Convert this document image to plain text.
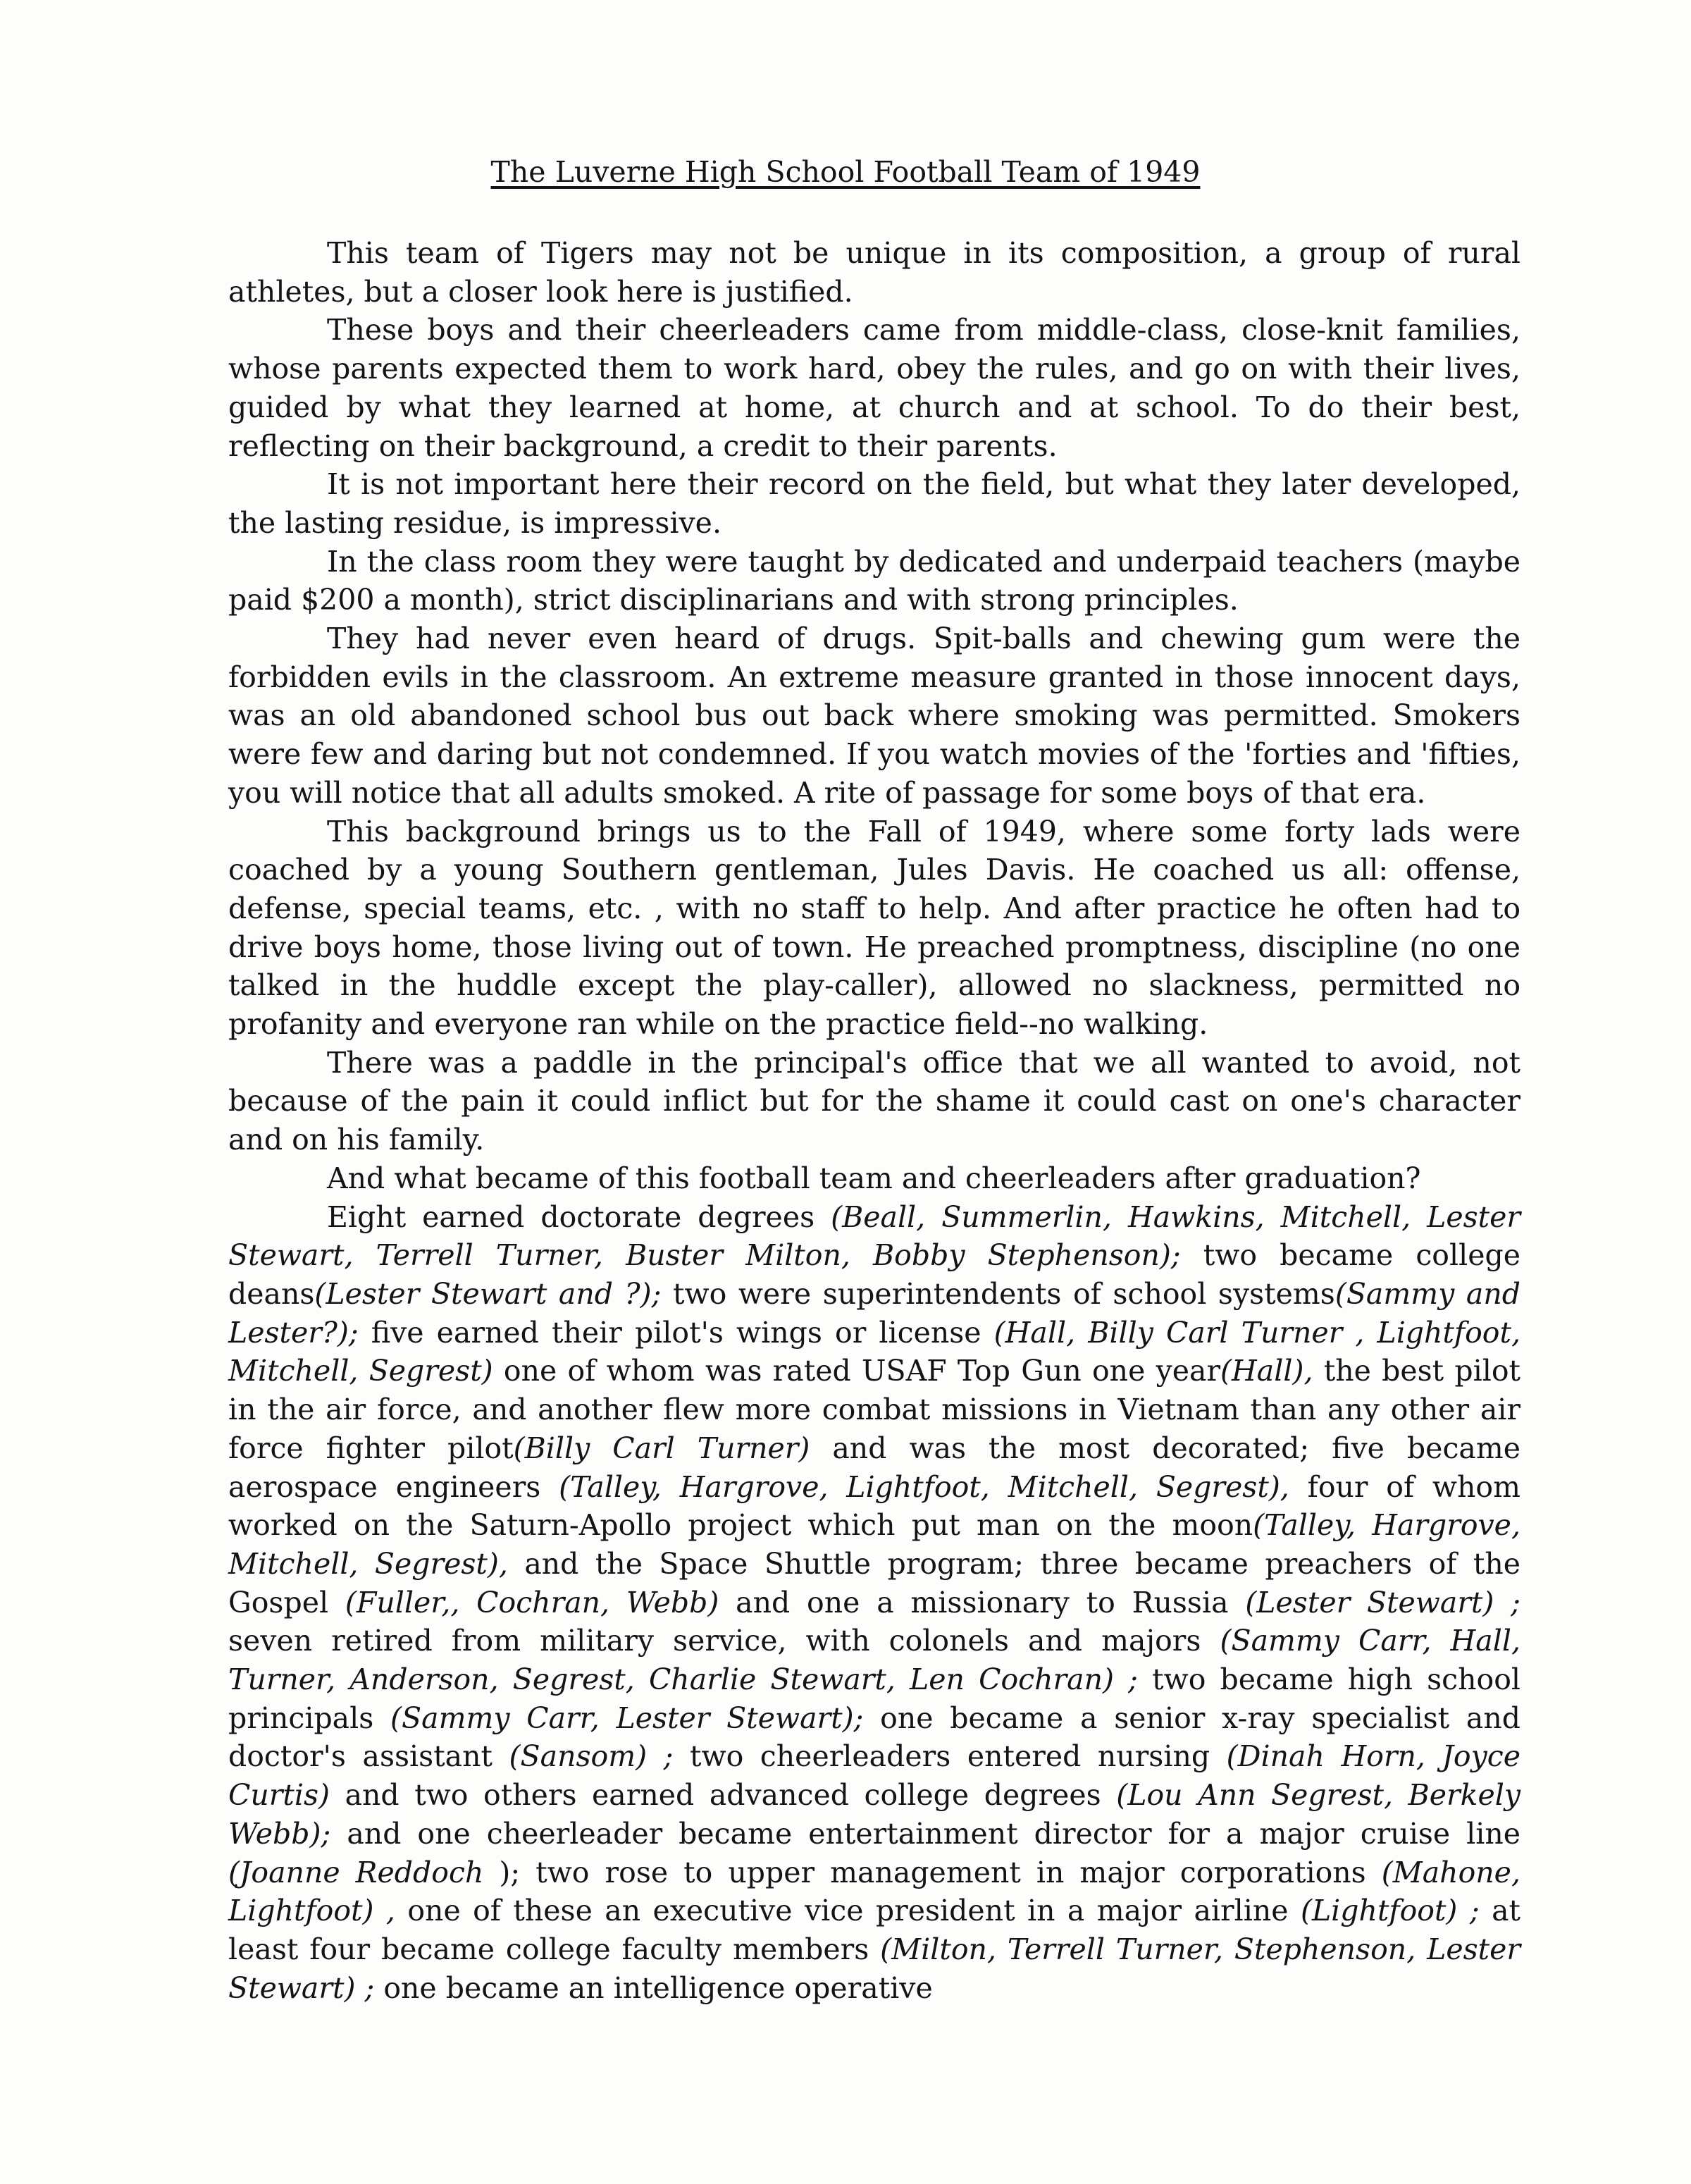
The Luverne High School Football Team of 1949

This team of Tigers may not be unique in its composition, a group of rural athletes, but a closer look here is justified.

These boys and their cheerleaders came from middle-class, close-knit families, whose parents expected them to work hard, obey the rules, and go on with their lives, guided by what they learned at home, at church and at school. To do their best, reflecting on their background, a credit to their parents.

It is not important here their record on the field, but what they later developed, the lasting residue, is impressive.

In the class room they were taught by dedicated and underpaid teachers (maybe paid $200 a month), strict disciplinarians and with strong principles.

They had never even heard of drugs. Spit-balls and chewing gum were the forbidden evils in the classroom. An extreme measure granted in those innocent days, was an old abandoned school bus out back where smoking was permitted. Smokers were few and daring but not condemned. If you watch movies of the 'forties and 'fifties, you will notice that all adults smoked. A rite of passage for some boys of that era.

This background brings us to the Fall of 1949, where some forty lads were coached by a young Southern gentleman, Jules Davis. He coached us all: offense, defense, special teams, etc. , with no staff to help. And after practice he often had to drive boys home, those living out of town. He preached promptness, discipline (no one talked in the huddle except the play-caller), allowed no slackness, permitted no profanity and everyone ran while on the practice field--no walking.

There was a paddle in the principal's office that we all wanted to avoid, not because of the pain it could inflict but for the shame it could cast on one's character and on his family.

And what became of this football team and cheerleaders after graduation?

Eight earned doctorate degrees (Beall, Summerlin, Hawkins, Mitchell, Lester Stewart, Terrell Turner, Buster Milton, Bobby Stephenson); two became college deans(Lester Stewart and ?); two were superintendents of school systems(Sammy and Lester?); five earned their pilot's wings or license (Hall, Billy Carl Turner , Lightfoot, Mitchell, Segrest) one of whom was rated USAF Top Gun one year(Hall), the best pilot in the air force, and another flew more combat missions in Vietnam than any other air force fighter pilot(Billy Carl Turner) and was the most decorated; five became aerospace engineers (Talley, Hargrove, Lightfoot, Mitchell, Segrest), four of whom worked on the Saturn-Apollo project which put man on the moon(Talley, Hargrove, Mitchell, Segrest), and the Space Shuttle program; three became preachers of the Gospel (Fuller,, Cochran, Webb) and one a missionary to Russia (Lester Stewart) ; seven retired from military service, with colonels and majors (Sammy Carr, Hall, Turner, Anderson, Segrest, Charlie Stewart, Len Cochran) ; two became high school principals (Sammy Carr, Lester Stewart); one became a senior x-ray specialist and doctor's assistant (Sansom) ; two cheerleaders entered nursing (Dinah Horn, Joyce Curtis) and two others earned advanced college degrees (Lou Ann Segrest, Berkely Webb); and one cheerleader became entertainment director for a major cruise line (Joanne Reddoch ); two rose to upper management in major corporations (Mahone, Lightfoot) , one of these an executive vice president in a major airline (Lightfoot) ; at least four became college faculty members (Milton, Terrell Turner, Stephenson, Lester Stewart) ; one became an intelligence operative
